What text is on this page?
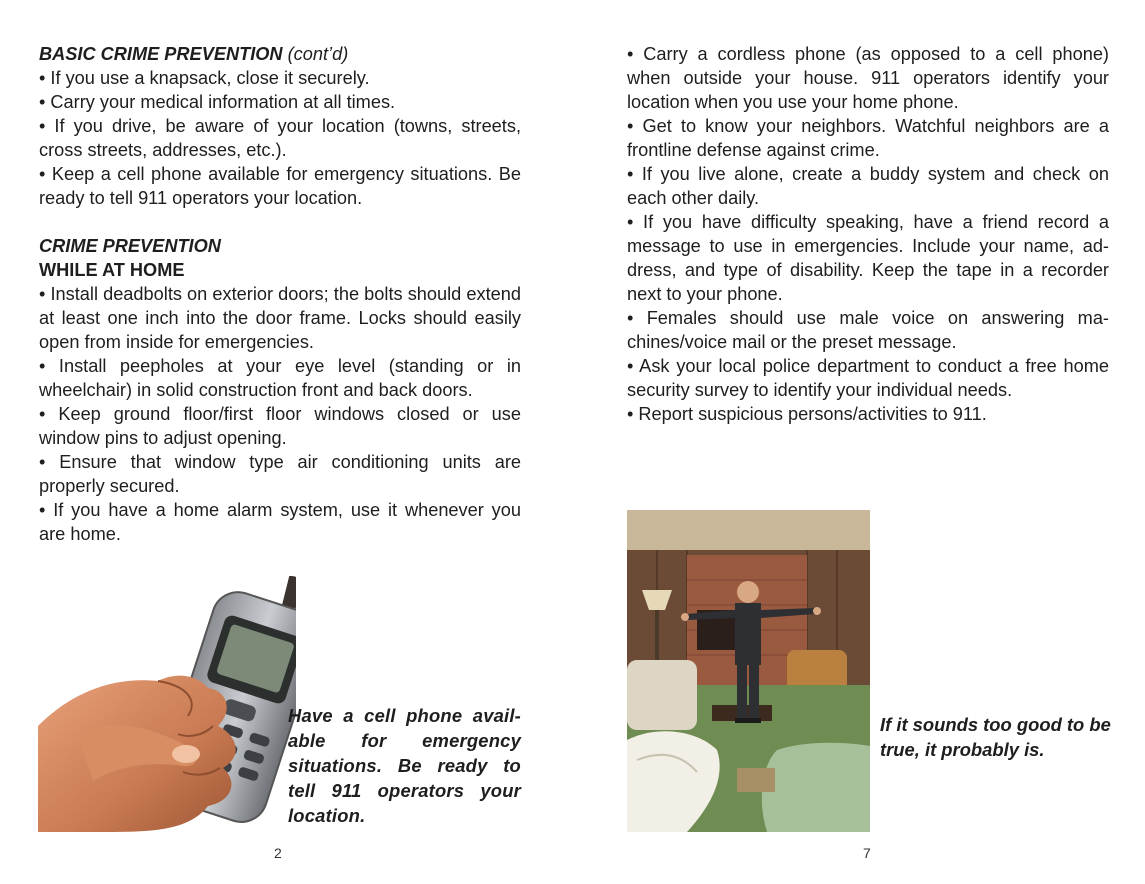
BASIC CRIME PREVENTION (cont’d)

• If you use a knapsack, close it securely.

• Carry your medical information at all times.

• If you drive, be aware of your location (towns, streets, cross streets, addresses, etc.).

• Keep a cell phone available for emergency situations. Be ready to tell 911 operators your location.

CRIME PREVENTION
WHILE AT HOME

• Install deadbolts on exterior doors; the bolts should extend at least one inch into the door frame. Locks should easily open from inside for emergencies.

• Install peepholes at your eye level (standing or in wheelchair) in solid construction front and back doors.

• Keep ground floor/first floor windows closed or use window pins to adjust opening.

• Ensure that window type air conditioning units are properly secured.

• If you have a home alarm system, use it whenever you are home.

Have a cell phone avail-able for emergency situations. Be ready to tell 911 operators your location.
2

• Carry a cordless phone (as opposed to a cell phone) when outside your house. 911 operators identify your location when you use your home phone.

• Get to know your neighbors. Watchful neighbors are a frontline defense against crime.

• If you live alone, create a buddy system and check on each other daily.

• If you have difficulty speaking, have a friend record a message to use in emergencies. Include your name, ad-dress, and type of disability. Keep the tape in a recorder next to your phone.

• Females should use male voice on answering ma-chines/voice mail or the preset message.

• Ask your local police department to conduct a free home security survey to identify your individual needs.

• Report suspicious persons/activities to 911.

If it sounds too good to be true, it probably is.
7
